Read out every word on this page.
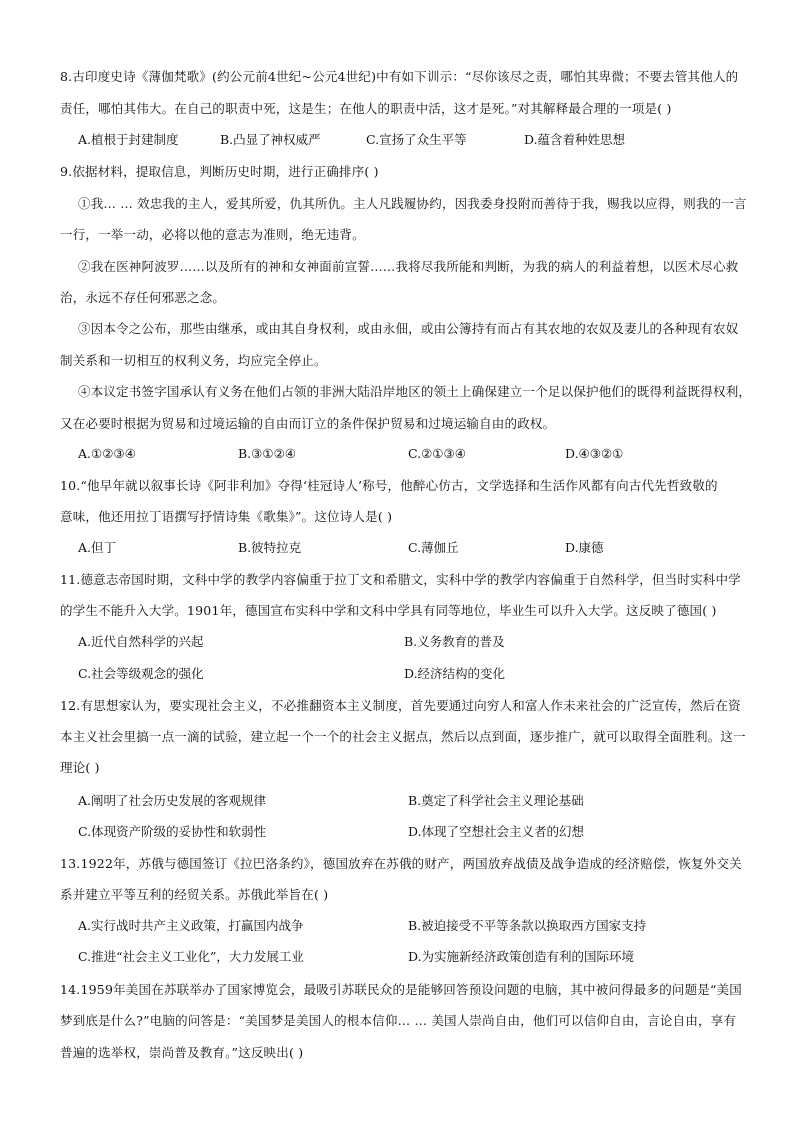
8.古印度史诗《薄伽梵歌》(约公元前4世纪~公元4世纪)中有如下训示：“尽你该尽之责，哪怕其卑微；不要去管其他人的
责任，哪怕其伟大。在自己的职责中死，这是生；在他人的职责中活，这才是死。”对其解释最合理的一项是( )
A.植根于封建制度	B.凸显了神权威严	C.宣扬了众生平等	D.蕴含着种姓思想
9.依据材料，提取信息，判断历史时期，进行正确排序( )
①我… … 效忠我的主人，爱其所爱，仇其所仇。主人凡践履协约，因我委身投附而善待于我，赐我以应得，则我的一言
一行，一举一动，必将以他的意志为准则，绝无违背。
②我在医神阿波罗……以及所有的神和女神面前宣誓……我将尽我所能和判断，为我的病人的利益着想，以医术尽心救
治，永远不存任何邪恶之念。
③因本令之公布，那些由继承，或由其自身权利，或由永佃，或由公簿持有而占有其农地的农奴及妻儿的各种现有农奴
制关系和一切相互的权利义务，均应完全停止。
④本议定书签字国承认有义务在他们占领的非洲大陆沿岸地区的领土上确保建立一个足以保护他们的既得利益既得权利，
又在必要时根据为贸易和过境运输的自由而订立的条件保护贸易和过境运输自由的政权。
A.①②③④	B.③①②④	C.②①③④	D.④③②①
10.“他早年就以叙事长诗《阿非利加》夺得‘桂冠诗人’称号，他醉心仿古，文学选择和生活作风都有向古代先哲致敬的
意味，他还用拉丁语撰写抒情诗集《歌集》”。这位诗人是( )
A.但丁	B.彼特拉克	C.薄伽丘	D.康德
11.德意志帝国时期，文科中学的教学内容偏重于拉丁文和希腊文，实科中学的教学内容偏重于自然科学，但当时实科中学
的学生不能升入大学。1901年，德国宣布实科中学和文科中学具有同等地位，毕业生可以升入大学。这反映了德国( )
A.近代自然科学的兴起	B.义务教育的普及
C.社会等级观念的强化	D.经济结构的变化
12.有思想家认为，要实现社会主义，不必推翻资本主义制度，首先要通过向穷人和富人作未来社会的广泛宣传，然后在资
本主义社会里搞一点一滴的试验，建立起一个一个的社会主义据点，然后以点到面，逐步推广，就可以取得全面胜利。这一
理论( )
A.阐明了社会历史发展的客观规律	B.奠定了科学社会主义理论基础
C.体现资产阶级的妥协性和软弱性	D.体现了空想社会主义者的幻想
13.1922年，苏俄与德国签订《拉巴洛条约》，德国放弃在苏俄的财产，两国放弃战债及战争造成的经济赔偿，恢复外交关
系并建立平等互利的经贸关系。苏俄此举旨在( )
A.实行战时共产主义政策，打赢国内战争	B.被迫接受不平等条款以换取西方国家支持
C.推进“社会主义工业化”，大力发展工业	D.为实施新经济政策创造有利的国际环境
14.1959年美国在苏联举办了国家博览会，最吸引苏联民众的是能够回答预设问题的电脑，其中被问得最多的问题是“美国
梦到底是什么?”电脑的问答是：“美国梦是美国人的根本信仰… … 美国人崇尚自由，他们可以信仰自由，言论自由，享有
普遍的选举权，崇尚普及教育。”这反映出( )
